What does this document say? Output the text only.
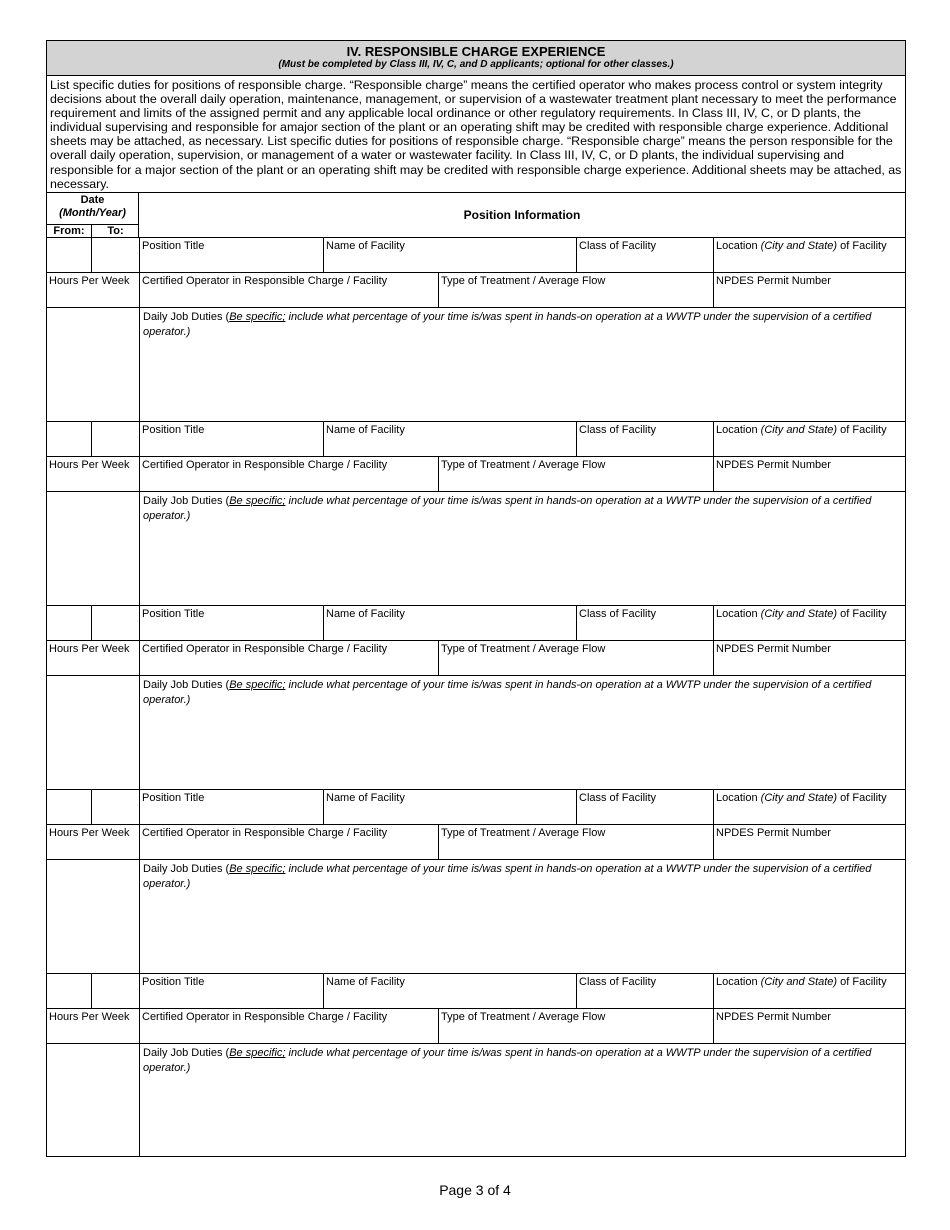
IV. RESPONSIBLE CHARGE EXPERIENCE
(Must be completed by Class III, IV, C, and D applicants; optional for other classes.)
List specific duties for positions of responsible charge. “Responsible charge” means the certified operator who makes process control or system integrity decisions about the overall daily operation, maintenance, management, or supervision of a wastewater treatment plant necessary to meet the performance requirement and limits of the assigned permit and any applicable local ordinance or other regulatory requirements. In Class III, IV, C, or D plants, the individual supervising and responsible for amajor section of the plant or an operating shift may be credited with responsible charge experience. Additional sheets may be attached, as necessary. List specific duties for positions of responsible charge. “Responsible charge” means the person responsible for the overall daily operation, supervision, or management of a water or wastewater facility. In Class III, IV, C, or D plants, the individual supervising and responsible for a major section of the plant or an operating shift may be credited with responsible charge experience. Additional sheets may be attached, as necessary.
Date
(Month/Year)
From:	To:
Position Information
Position Title	Name of Facility	Class of Facility	Location (City and State) of Facility
Hours Per Week	Certified Operator in Responsible Charge / Facility	Type of Treatment / Average Flow	NPDES Permit Number
Daily Job Duties (Be specific; include what percentage of your time is/was spent in hands-on operation at a WWTP under the supervision of a certified operator.)
Position Title	Name of Facility	Class of Facility	Location (City and State) of Facility
Hours Per Week	Certified Operator in Responsible Charge / Facility	Type of Treatment / Average Flow	NPDES Permit Number
Daily Job Duties (Be specific; include what percentage of your time is/was spent in hands-on operation at a WWTP under the supervision of a certified operator.)
Position Title	Name of Facility	Class of Facility	Location (City and State) of Facility
Hours Per Week	Certified Operator in Responsible Charge / Facility	Type of Treatment / Average Flow	NPDES Permit Number
Daily Job Duties (Be specific; include what percentage of your time is/was spent in hands-on operation at a WWTP under the supervision of a certified operator.)
Position Title	Name of Facility	Class of Facility	Location (City and State) of Facility
Hours Per Week	Certified Operator in Responsible Charge / Facility	Type of Treatment / Average Flow	NPDES Permit Number
Daily Job Duties (Be specific; include what percentage of your time is/was spent in hands-on operation at a WWTP under the supervision of a certified operator.)
Position Title	Name of Facility	Class of Facility	Location (City and State) of Facility
Hours Per Week	Certified Operator in Responsible Charge / Facility	Type of Treatment / Average Flow	NPDES Permit Number
Daily Job Duties (Be specific; include what percentage of your time is/was spent in hands-on operation at a WWTP under the supervision of a certified operator.)
Page 3 of 4
